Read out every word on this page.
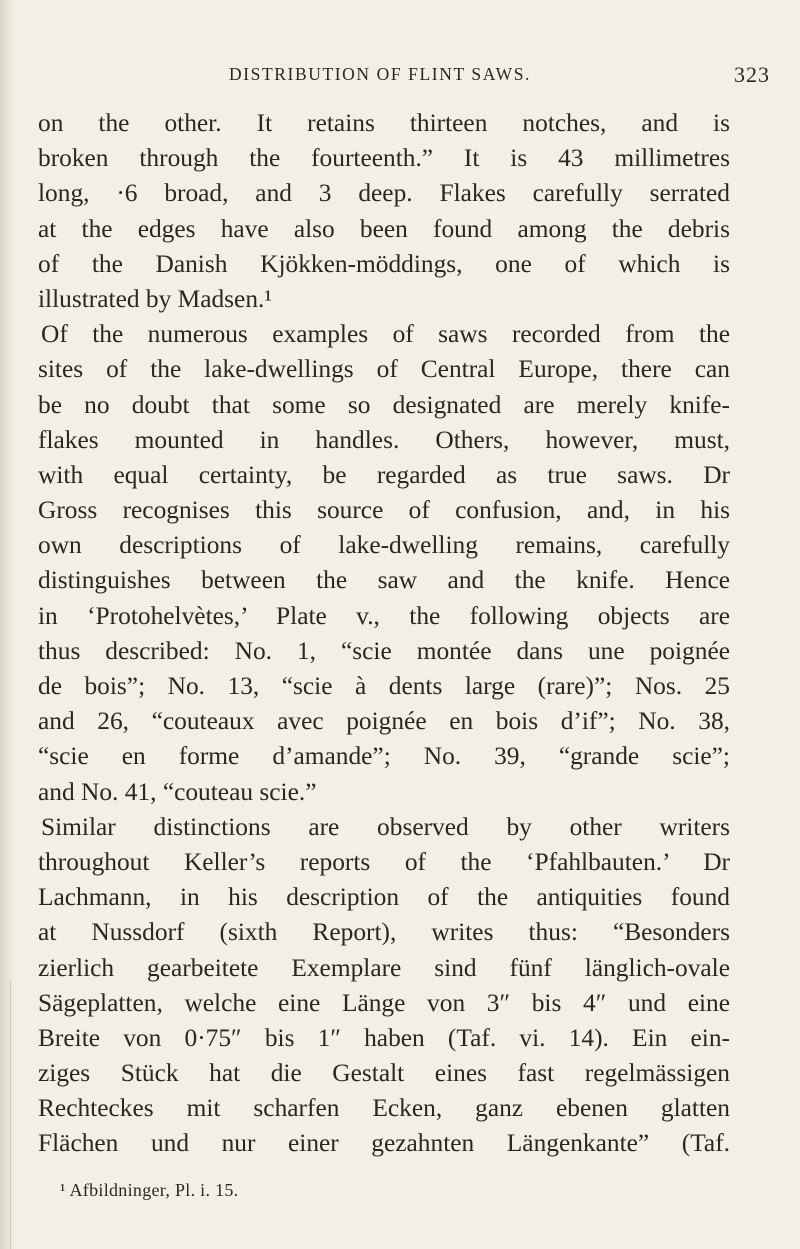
DISTRIBUTION OF FLINT SAWS.	323
on the other. It retains thirteen notches, and is
broken through the fourteenth.” It is 43 millimetres
long, ·6 broad, and 3 deep. Flakes carefully serrated
at the edges have also been found among the debris
of the Danish Kjökken-möddings, one of which is
illustrated by Madsen.¹
Of the numerous examples of saws recorded from the
sites of the lake-dwellings of Central Europe, there can
be no doubt that some so designated are merely knife-
flakes mounted in handles. Others, however, must,
with equal certainty, be regarded as true saws. Dr
Gross recognises this source of confusion, and, in his
own descriptions of lake-dwelling remains, carefully
distinguishes between the saw and the knife. Hence
in ‘Protohelvètes,’ Plate v., the following objects are
thus described: No. 1, “scie montée dans une poignée
de bois”; No. 13, “scie à dents large (rare)”; Nos. 25
and 26, “couteaux avec poignée en bois d’if”; No. 38,
“scie en forme d’amande”; No. 39, “grande scie”;
and No. 41, “couteau scie.”
Similar distinctions are observed by other writers
throughout Keller’s reports of the ‘Pfahlbauten.’ Dr
Lachmann, in his description of the antiquities found
at Nussdorf (sixth Report), writes thus: “Besonders
zierlich gearbeitete Exemplare sind fünf länglich-ovale
Sägeplatten, welche eine Länge von 3″ bis 4″ und eine
Breite von 0·75″ bis 1″ haben (Taf. vi. 14). Ein ein-
ziges Stück hat die Gestalt eines fast regelmässigen
Rechteckes mit scharfen Ecken, ganz ebenen glatten
Flächen und nur einer gezahnten Längenkante” (Taf.
¹ Afbildninger, Pl. i. 15.
